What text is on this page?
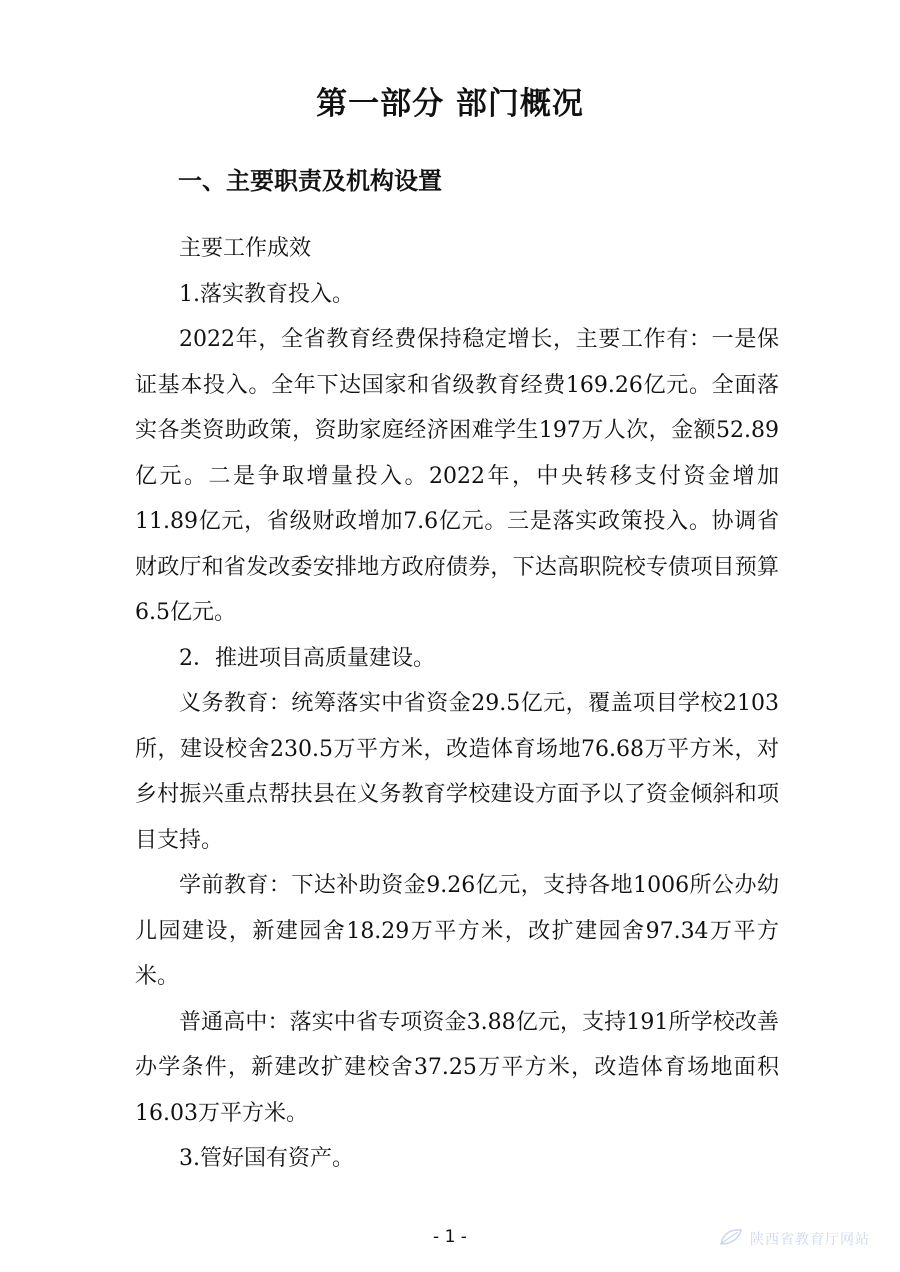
第一部分 部门概况
一、主要职责及机构设置

主要工作成效

1.落实教育投入。

2022年，全省教育经费保持稳定增长，主要工作有：一是保证基本投入。全年下达国家和省级教育经费169.26亿元。全面落实各类资助政策，资助家庭经济困难学生197万人次，金额52.89亿元。二是争取增量投入。2022年，中央转移支付资金增加11.89亿元，省级财政增加7.6亿元。三是落实政策投入。协调省财政厅和省发改委安排地方政府债券，下达高职院校专债项目预算6.5亿元。

2．推进项目高质量建设。

义务教育：统筹落实中省资金29.5亿元，覆盖项目学校2103所，建设校舍230.5万平方米，改造体育场地76.68万平方米，对乡村振兴重点帮扶县在义务教育学校建设方面予以了资金倾斜和项目支持。

学前教育：下达补助资金9.26亿元，支持各地1006所公办幼儿园建设，新建园舍18.29万平方米，改扩建园舍97.34万平方米。

普通高中：落实中省专项资金3.88亿元，支持191所学校改善办学条件，新建改扩建校舍37.25万平方米，改造体育场地面积16.03万平方米。

3.管好国有资产。

- 1 -	陕西省教育厅网站
